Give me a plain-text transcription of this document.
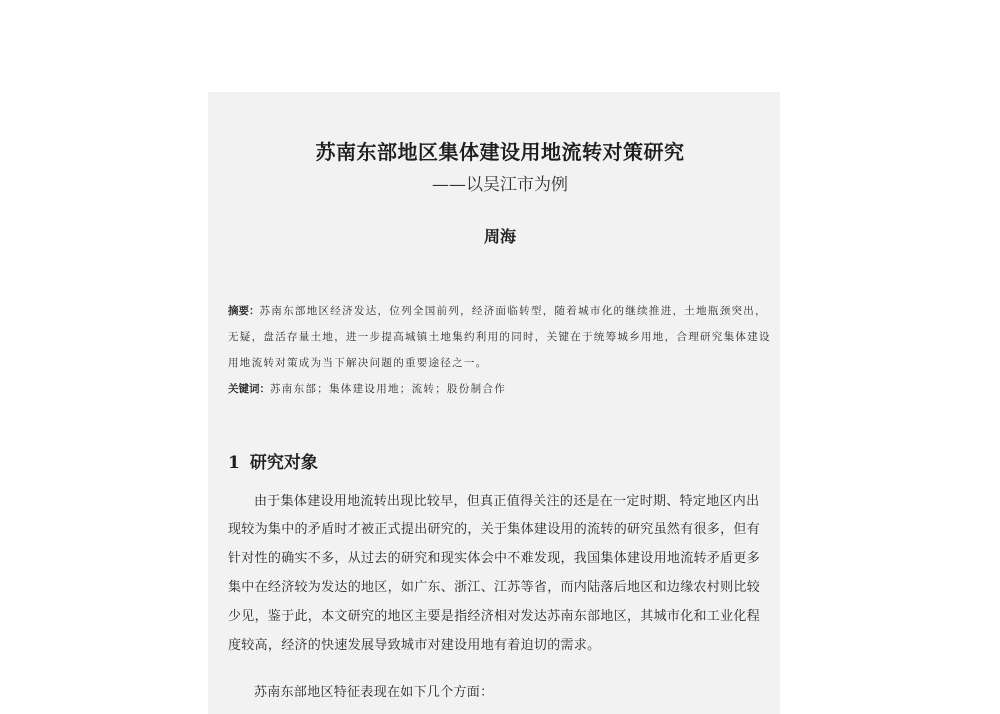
苏南东部地区集体建设用地流转对策研究
——以吴江市为例
周海
摘要：苏南东部地区经济发达，位列全国前列，经济面临转型，随着城市化的继续推进，土地瓶颈突出，
无疑，盘活存量土地，进一步提高城镇土地集约利用的同时，关键在于统筹城乡用地，合理研究集体建设
用地流转对策成为当下解决问题的重要途径之一。
关键词：苏南东部；集体建设用地；流转；股份制合作
1 研究对象
由于集体建设用地流转出现比较早，但真正值得关注的还是在一定时期、特定地区内出
现较为集中的矛盾时才被正式提出研究的，关于集体建设用的流转的研究虽然有很多，但有
针对性的确实不多，从过去的研究和现实体会中不难发现，我国集体建设用地流转矛盾更多
集中在经济较为发达的地区，如广东、浙江、江苏等省，而内陆落后地区和边缘农村则比较
少见，鉴于此，本文研究的地区主要是指经济相对发达苏南东部地区，其城市化和工业化程
度较高，经济的快速发展导致城市对建设用地有着迫切的需求。
苏南东部地区特征表现在如下几个方面：
